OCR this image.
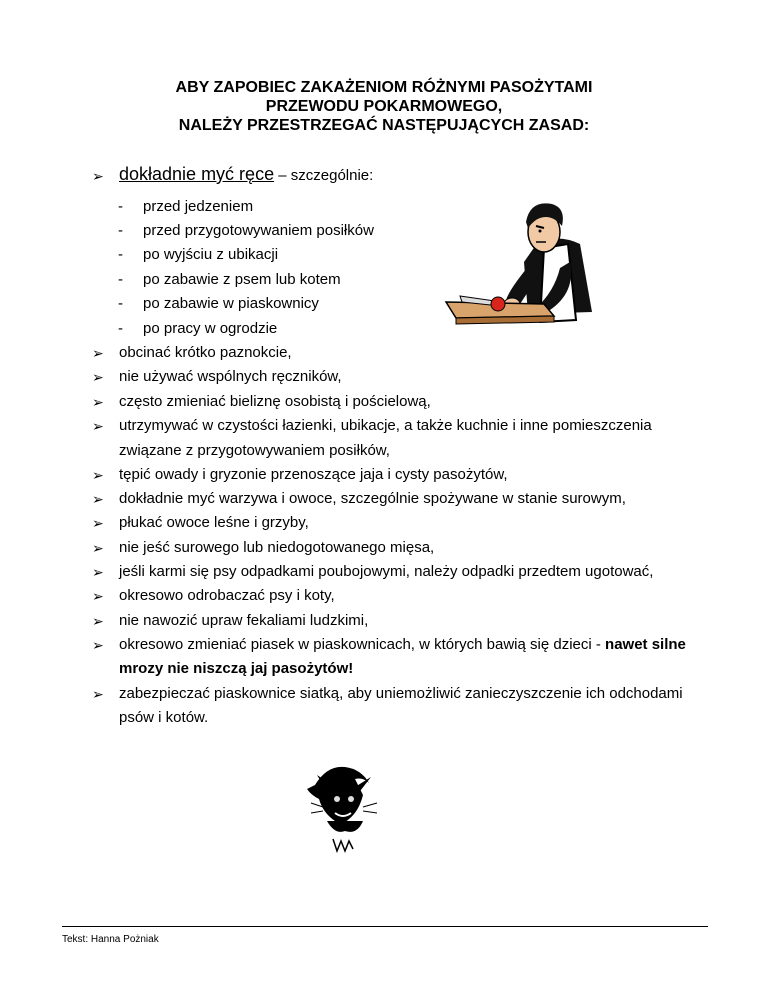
ABY ZAPOBIEC ZAKAŻENIOM RÓŻNYMI PASOŻYTAMI
PRZEWODU POKARMOWEGO,
NALEŻY PRZESTRZEGAĆ NASTĘPUJĄCYCH ZASAD:
➢ dokładnie myć ręce – szczególnie:
- przed jedzeniem
- przed przygotowywaniem posiłków
- po wyjściu z ubikacji
- po zabawie z psem lub kotem
- po zabawie w piaskownicy
- po pracy w ogrodzie
➢ obcinać krótko paznokcie,
➢ nie używać wspólnych ręczników,
➢ często zmieniać bieliznę osobistą i pościelową,
➢ utrzymywać w czystości łazienki, ubikacje, a także kuchnie i inne pomieszczenia
związane z przygotowywaniem posiłków,
➢ tępić owady i gryzonie przenoszące jaja i cysty pasożytów,
➢ dokładnie myć warzywa i owoce, szczególnie spożywane w stanie surowym,
➢ płukać owoce leśne i grzyby,
➢ nie jeść surowego lub niedogotowanego mięsa,
➢ jeśli karmi się psy odpadkami poubojowymi, należy odpadki przedtem ugotować,
➢ okresowo odrobaczać psy i koty,
➢ nie nawozić upraw fekaliami ludzkimi,
➢ okresowo zmieniać piasek w piaskownicach, w których bawią się dzieci - nawet silne
mrozy nie niszczą jaj pasożytów!
➢ zabezpieczać piaskownice siatką, aby uniemożliwić zanieczyszczenie ich odchodami
psów i kotów.
Tekst: Hanna Pożniak
